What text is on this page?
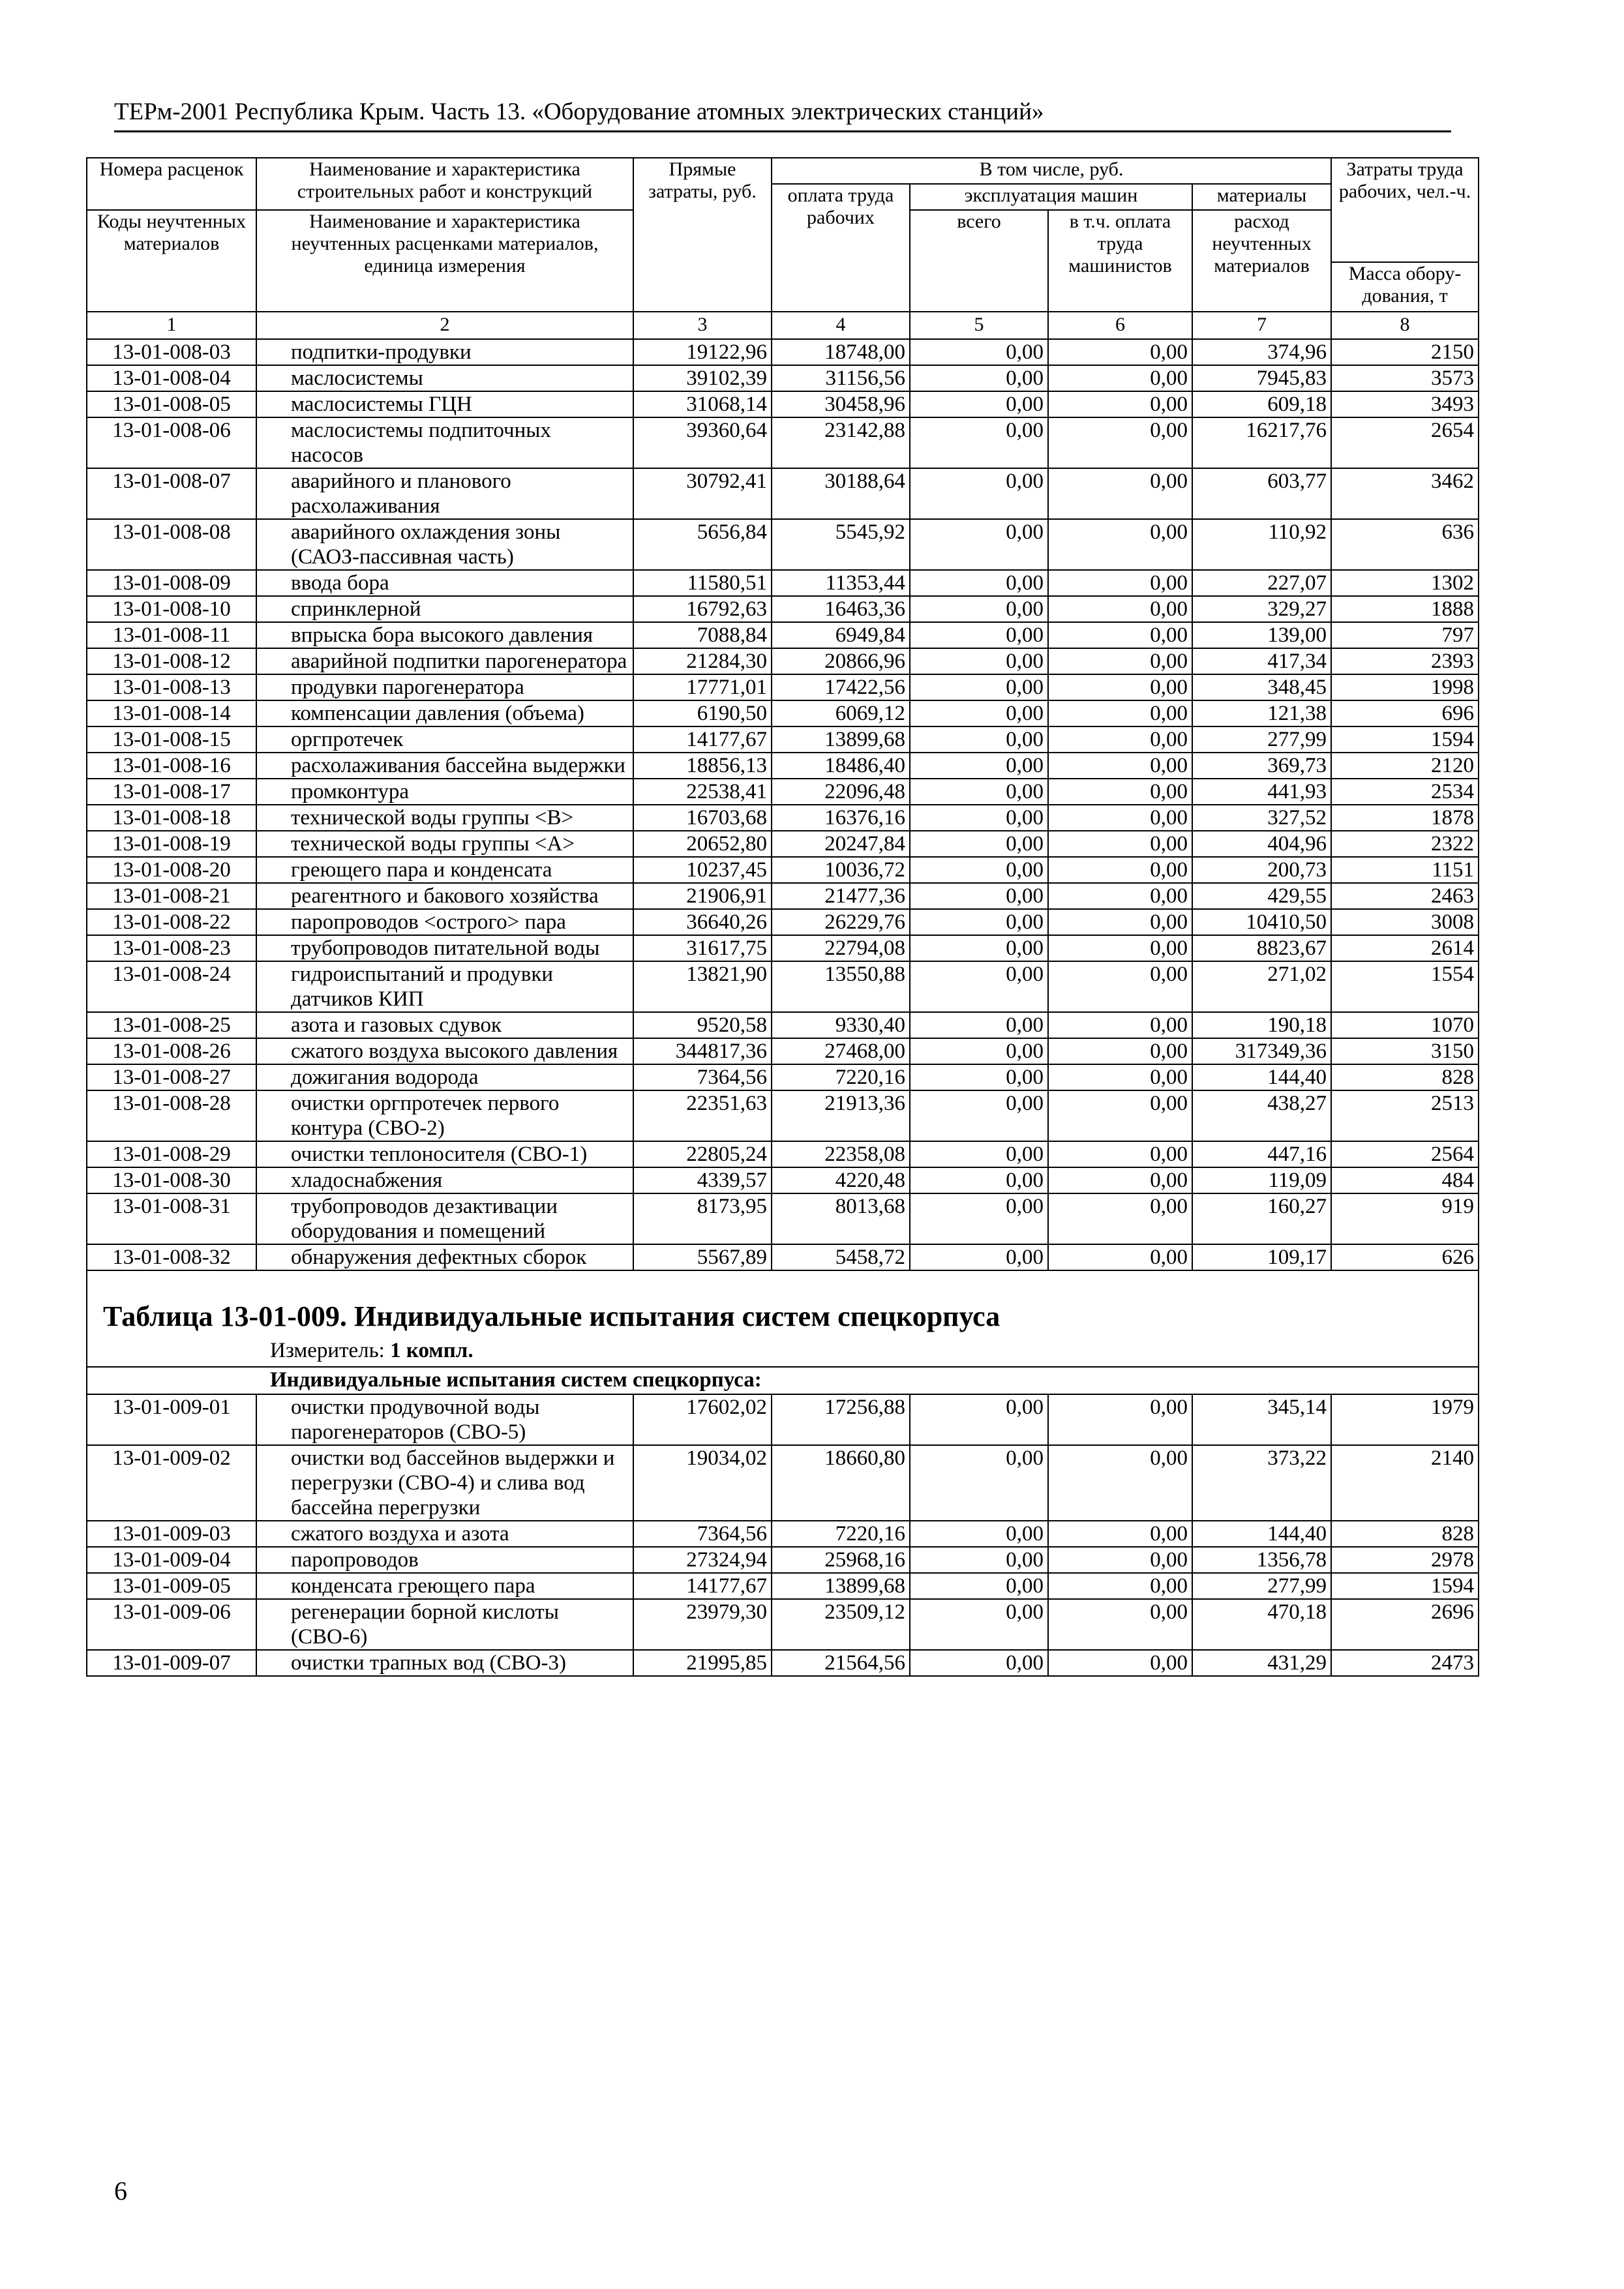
ТЕРм-2001 Республика Крым. Часть 13. «Оборудование атомных электрических станций»
Номера расценок	Наименование и характеристика строительных работ и конструкций	Прямые затраты, руб.	В том числе, руб.				Затраты труда рабочих, чел.-ч.
			оплата труда рабочих	эксплуатация машин		материалы	
Коды неучтенных материалов	Наименование и характеристика неучтенных расценками материалов, единица измерения			всего	в т.ч. оплата труда машинистов	расход неучтенных материалов	
							Масса обору-дования, т
1	2	3	4	5	6	7	8
13-01-008-03	подпитки-продувки	19122,96	18748,00	0,00	0,00	374,96	2150
13-01-008-04	маслосистемы	39102,39	31156,56	0,00	0,00	7945,83	3573
13-01-008-05	маслосистемы ГЦН	31068,14	30458,96	0,00	0,00	609,18	3493
13-01-008-06	маслосистемы подпиточных насосов	39360,64	23142,88	0,00	0,00	16217,76	2654
13-01-008-07	аварийного и планового расхолаживания	30792,41	30188,64	0,00	0,00	603,77	3462
13-01-008-08	аварийного охлаждения зоны (САОЗ-пассивная часть)	5656,84	5545,92	0,00	0,00	110,92	636
13-01-008-09	ввода бора	11580,51	11353,44	0,00	0,00	227,07	1302
13-01-008-10	спринклерной	16792,63	16463,36	0,00	0,00	329,27	1888
13-01-008-11	впрыска бора высокого давления	7088,84	6949,84	0,00	0,00	139,00	797
13-01-008-12	аварийной подпитки парогенератора	21284,30	20866,96	0,00	0,00	417,34	2393
13-01-008-13	продувки парогенератора	17771,01	17422,56	0,00	0,00	348,45	1998
13-01-008-14	компенсации давления (объема)	6190,50	6069,12	0,00	0,00	121,38	696
13-01-008-15	оргпротечек	14177,67	13899,68	0,00	0,00	277,99	1594
13-01-008-16	расхолаживания бассейна выдержки	18856,13	18486,40	0,00	0,00	369,73	2120
13-01-008-17	промконтура	22538,41	22096,48	0,00	0,00	441,93	2534
13-01-008-18	технической воды группы <В>	16703,68	16376,16	0,00	0,00	327,52	1878
13-01-008-19	технической воды группы <А>	20652,80	20247,84	0,00	0,00	404,96	2322
13-01-008-20	греющего пара и конденсата	10237,45	10036,72	0,00	0,00	200,73	1151
13-01-008-21	реагентного и бакового хозяйства	21906,91	21477,36	0,00	0,00	429,55	2463
13-01-008-22	паропроводов <острого> пара	36640,26	26229,76	0,00	0,00	10410,50	3008
13-01-008-23	трубопроводов питательной воды	31617,75	22794,08	0,00	0,00	8823,67	2614
13-01-008-24	гидроиспытаний и продувки датчиков КИП	13821,90	13550,88	0,00	0,00	271,02	1554
13-01-008-25	азота и газовых сдувок	9520,58	9330,40	0,00	0,00	190,18	1070
13-01-008-26	сжатого воздуха высокого давления	344817,36	27468,00	0,00	0,00	317349,36	3150
13-01-008-27	дожигания водорода	7364,56	7220,16	0,00	0,00	144,40	828
13-01-008-28	очистки оргпротечек первого контура (СВО-2)	22351,63	21913,36	0,00	0,00	438,27	2513
13-01-008-29	очистки теплоносителя (СВО-1)	22805,24	22358,08	0,00	0,00	447,16	2564
13-01-008-30	хладоснабжения	4339,57	4220,48	0,00	0,00	119,09	484
13-01-008-31	трубопроводов дезактивации оборудования и помещений	8173,95	8013,68	0,00	0,00	160,27	919
13-01-008-32	обнаружения дефектных сборок	5567,89	5458,72	0,00	0,00	109,17	626

Таблица 13-01-009. Индивидуальные испытания систем спецкорпуса
Измеритель: 1 компл.							

Индивидуальные испытания систем спецкорпуса:							
13-01-009-01	очистки продувочной воды парогенераторов (СВО-5)	17602,02	17256,88	0,00	0,00	345,14	1979
13-01-009-02	очистки вод бассейнов выдержки и перегрузки (СВО-4) и слива вод бассейна перегрузки	19034,02	18660,80	0,00	0,00	373,22	2140
13-01-009-03	сжатого воздуха и азота	7364,56	7220,16	0,00	0,00	144,40	828
13-01-009-04	паропроводов	27324,94	25968,16	0,00	0,00	1356,78	2978
13-01-009-05	конденсата греющего пара	14177,67	13899,68	0,00	0,00	277,99	1594
13-01-009-06	регенерации борной кислоты (СВО-6)	23979,30	23509,12	0,00	0,00	470,18	2696
13-01-009-07	очистки трапных вод (СВО-3)	21995,85	21564,56	0,00	0,00	431,29	2473
6
